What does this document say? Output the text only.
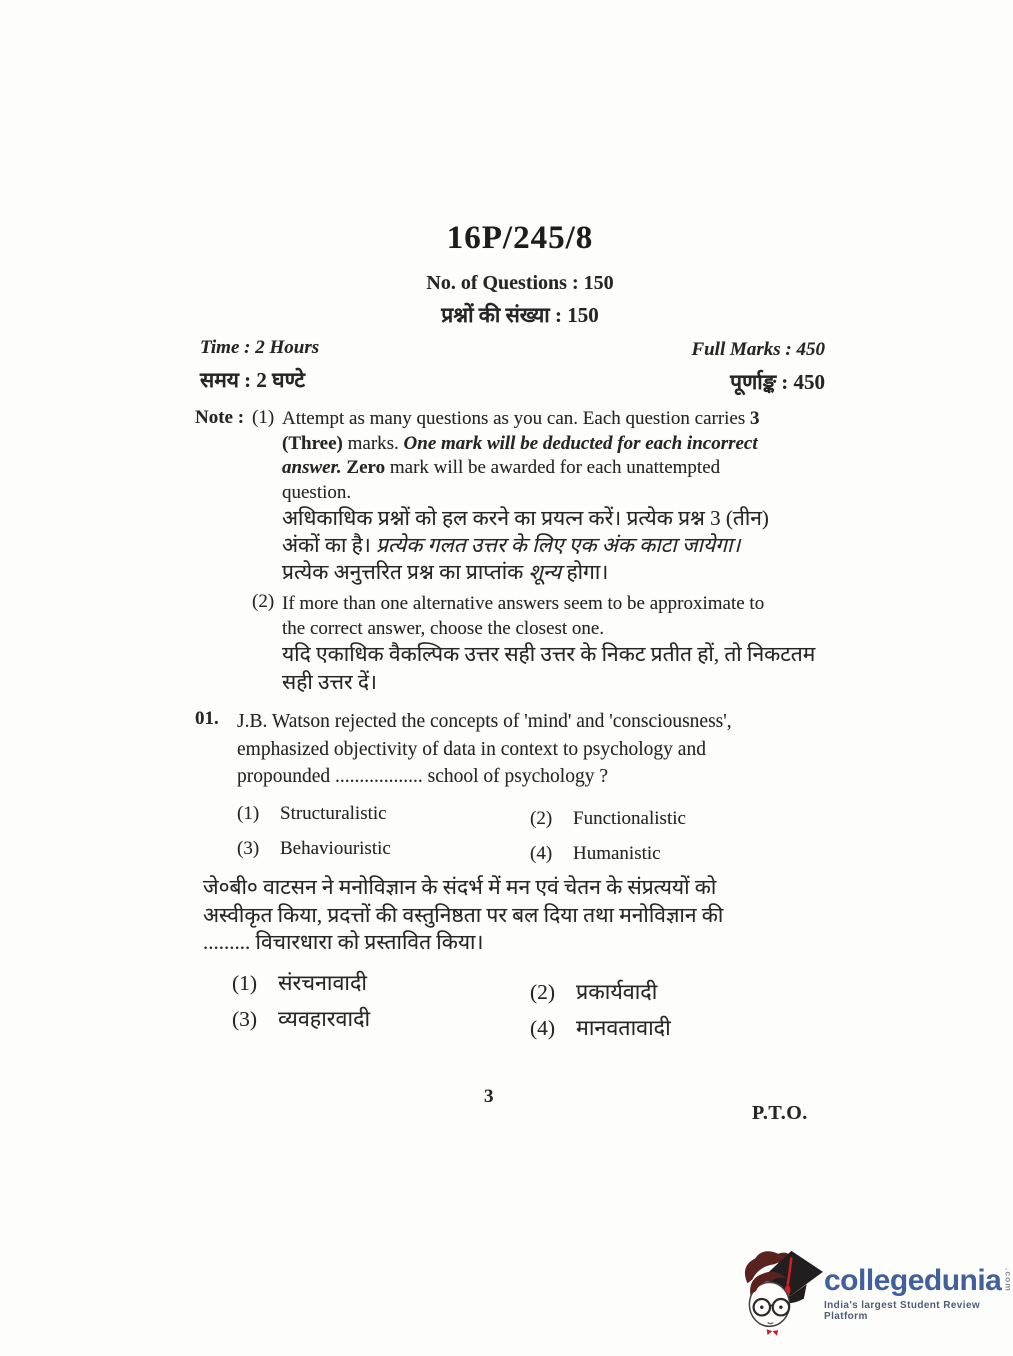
16P/245/8
No. of Questions : 150
प्रश्नों की संख्या : 150
Time : 2 Hours
समय : 2 घण्टे
Full Marks : 450
पूर्णाङ्क : 450
Note : (1) Attempt as many questions as you can. Each question carries 3
(Three) marks. One mark will be deducted for each incorrect
answer. Zero mark will be awarded for each unattempted
question.
अधिकाधिक प्रश्नों को हल करने का प्रयत्न करें। प्रत्येक प्रश्न 3 (तीन)
अंकों का है। प्रत्येक गलत उत्तर के लिए एक अंक काटा जायेगा।
प्रत्येक अनुत्तरित प्रश्न का प्राप्तांक शून्य होगा।
(2) If more than one alternative answers seem to be approximate to
the correct answer, choose the closest one.
यदि एकाधिक वैकल्पिक उत्तर सही उत्तर के निकट प्रतीत हों, तो निकटतम
सही उत्तर दें।
01. J.B. Watson rejected the concepts of 'mind' and 'consciousness',
emphasized objectivity of data in context to psychology and
propounded .................. school of psychology ?
(1)	Structuralistic	(2)	Functionalistic
(3)	Behaviouristic	(4)	Humanistic
जे०बी० वाटसन ने मनोविज्ञान के संदर्भ में मन एवं चेतन के संप्रत्ययों को
अस्वीकृत किया, प्रदत्तों की वस्तुनिष्ठता पर बल दिया तथा मनोविज्ञान की
......... विचारधारा को प्रस्तावित किया।
(1) संरचनावादी	(2) प्रकार्यवादी
(3) व्यवहारवादी	(4) मानवतावादी
3
P.T.O.
collegedunia .com
India's largest Student Review Platform
